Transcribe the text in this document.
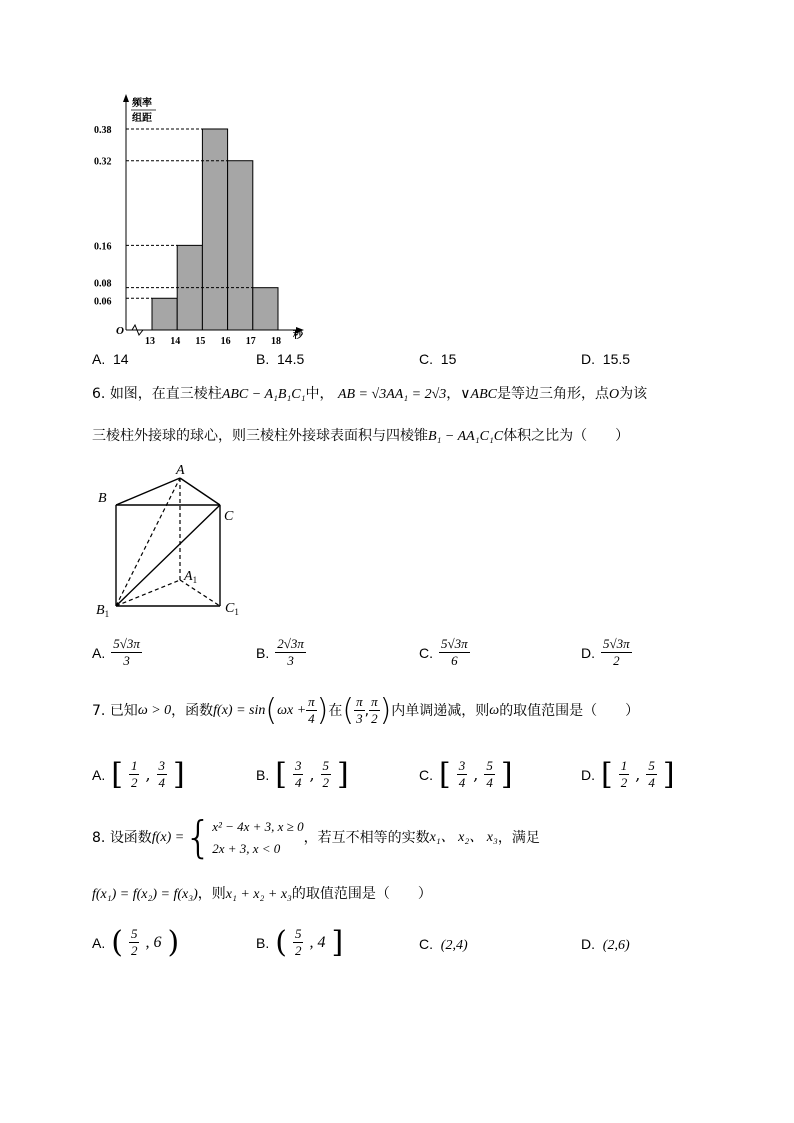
频率
组距
O	秒
0.06
0.08
0.16
0.32
0.38
13 14 15 16 17 18
A. 14	B. 14.5	C. 15	D. 15.5
6. 如图，在直三棱柱ABC − A₁B₁C₁中， AB = √3AA₁ = 2√3，∨ABC是等边三角形，点O为该
三棱柱外接球的球心，则三棱柱外接球表面积与四棱锥B₁ − AA₁C₁C体积之比为（　　）
A
B
C
$A_1$
$B_1$	$C_1$
A. $\frac{5√3\pi}{3}$	B. $\frac{2√3\pi}{3}$	C. $\frac{5√3\pi}{6}$	D. $\frac{5√3\pi}{2}$
7.
已知 ω > 0 ，函数 f(x) = sin ( $\omega x + \frac{\pi}{4}$ ) 在 ( $\frac{\pi}{3}$ , $\frac{\pi}{2}$ ) 内单调递减，则 ω 的取值范围是（　　）
A. [ $\frac{1}{2}$ , $\frac{3}{4}$ ]	B. [ $\frac{3}{4}$ , $\frac{5}{2}$ ]	C. [ $\frac{3}{4}$ , $\frac{5}{4}$ ]	D. [ $\frac{1}{2}$ , $\frac{5}{4}$ ]
8.
设函数 f(x) = { x² − 4x + 3, x ≥ 0
2x + 3, x < 0
，若互不相等的实数 x₁、 x₂、 x₃ ，满足
f(x₁) = f(x₂) = f(x₃)，则x₁ + x₂ + x₃的取值范围是（　　）
A. ( $\frac{5}{2}$ , 6 )	B. ( $\frac{5}{2}$ , 4 ]	C. (2,4)	D. (2,6)
